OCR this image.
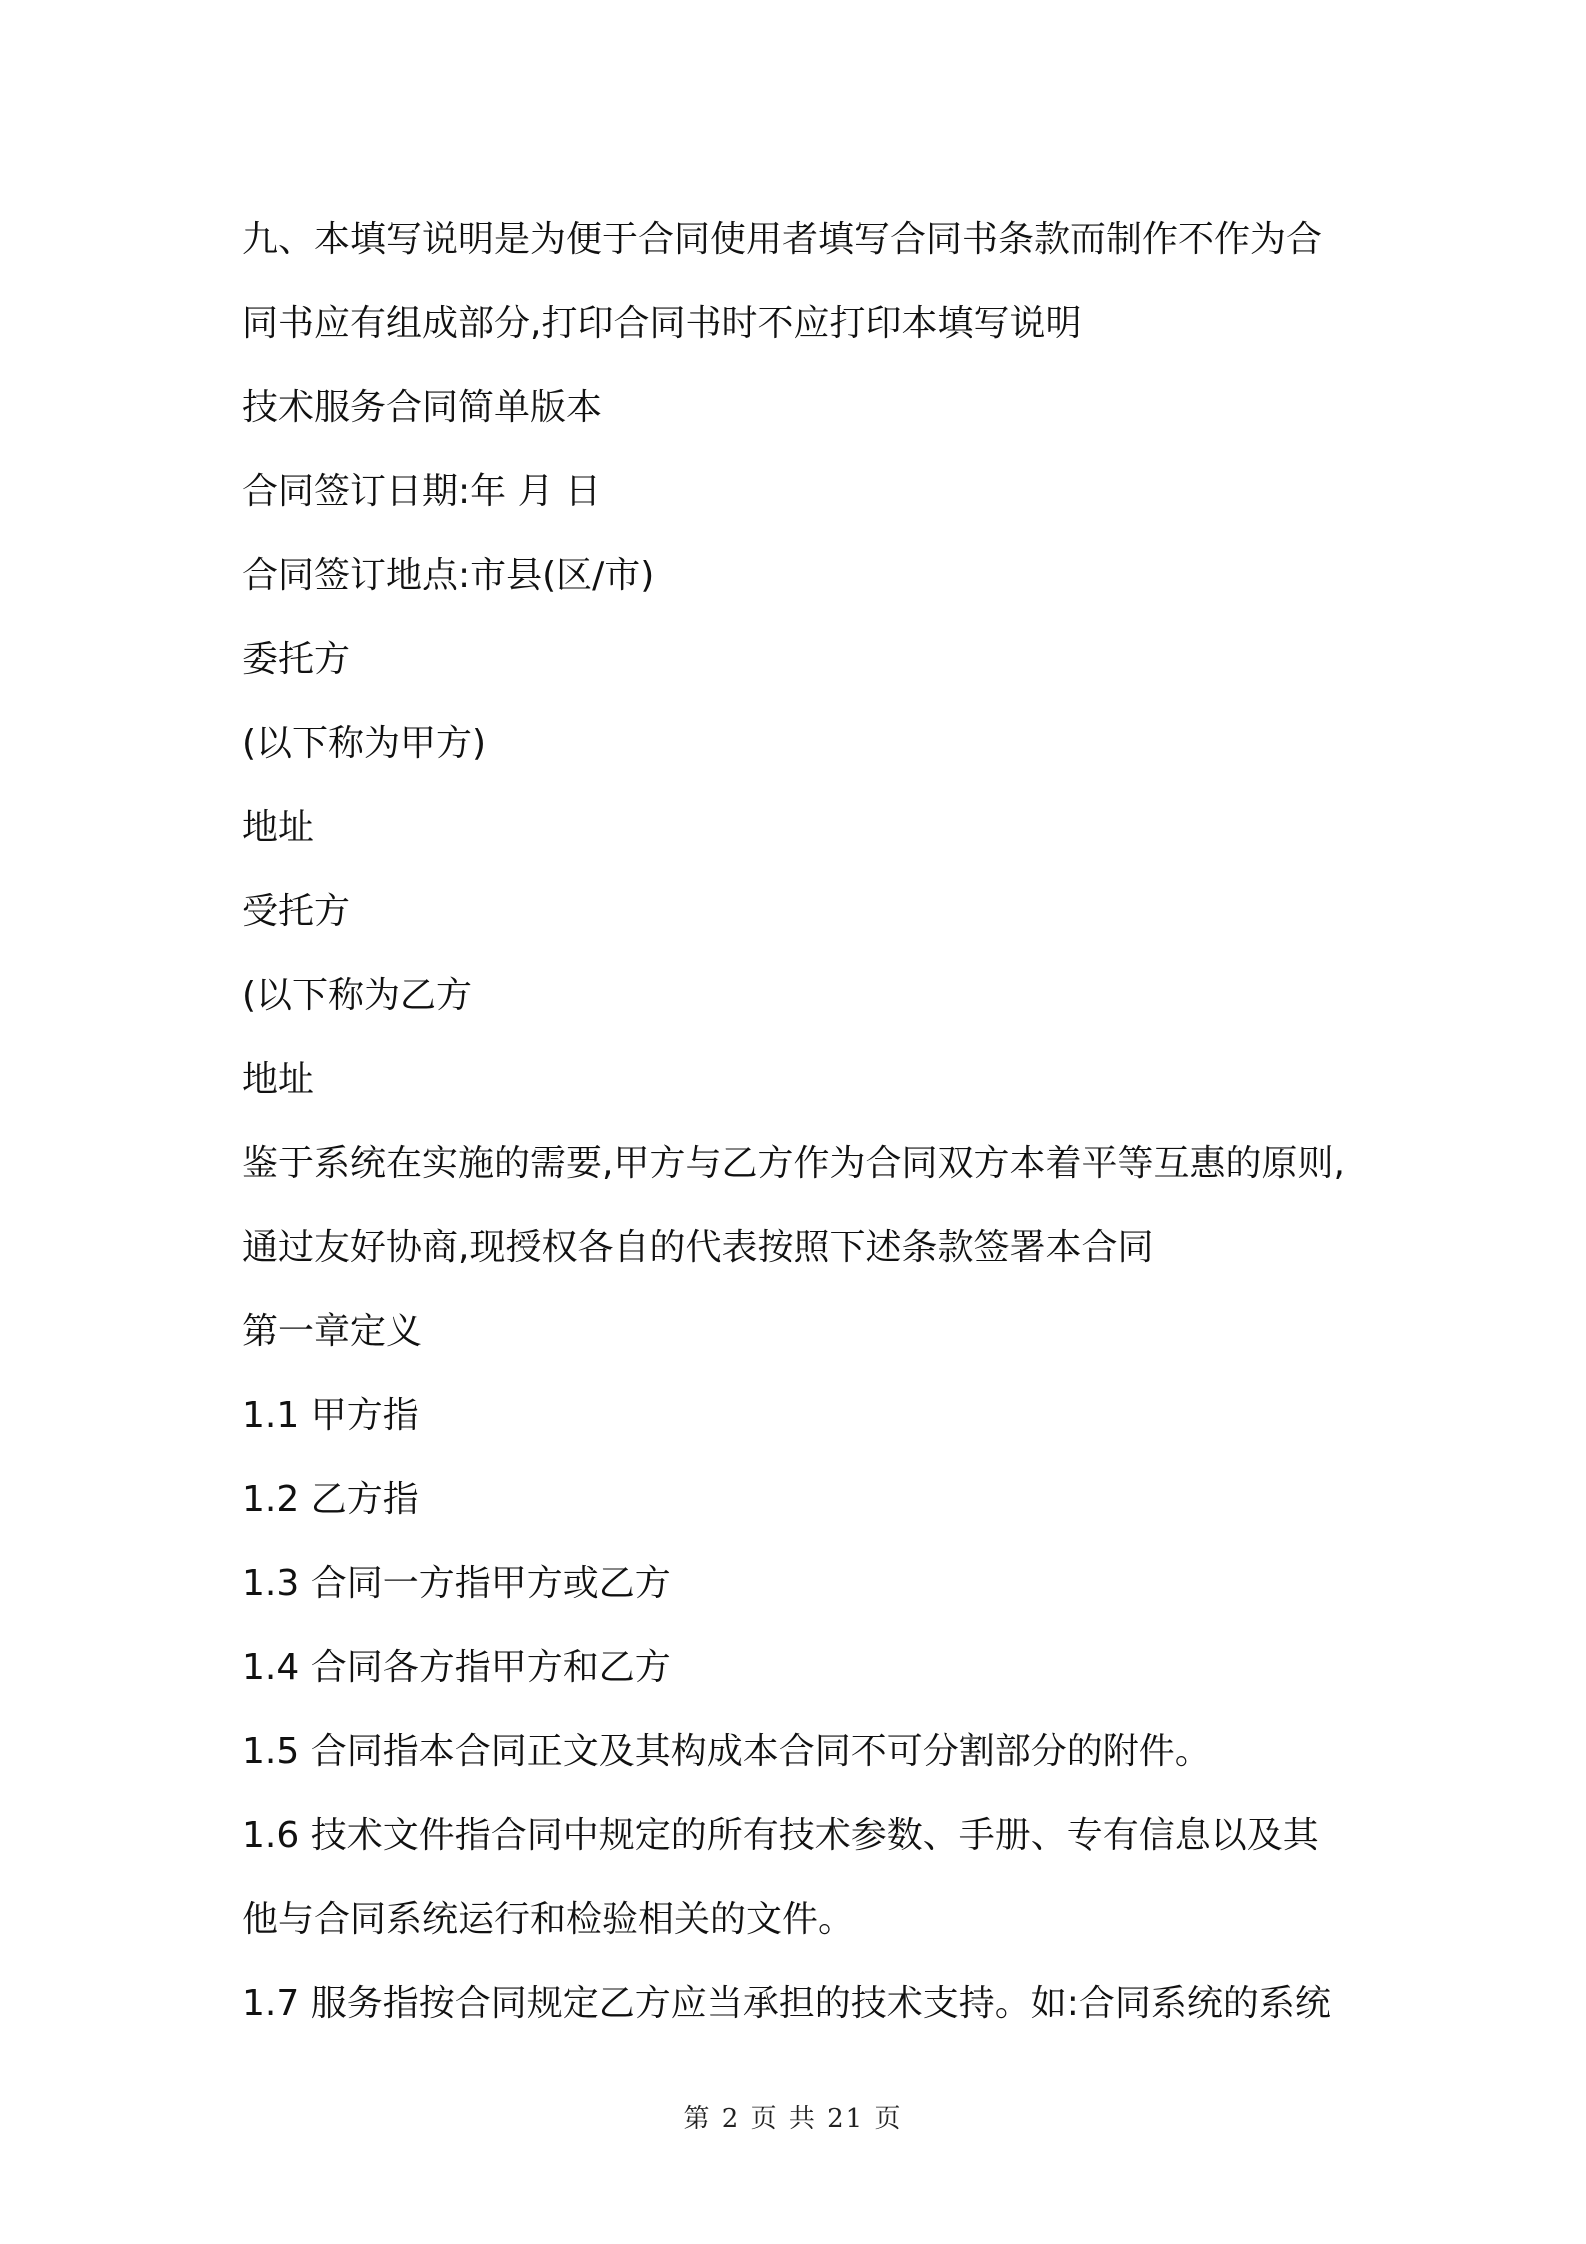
九、本填写说明是为便于合同使用者填写合同书条款而制作不作为合同书应有组成部分,打印合同书时不应打印本填写说明

技术服务合同简单版本

合同签订日期:年 月 日

合同签订地点:市县(区/市)

委托方

(以下称为甲方)

地址

受托方

(以下称为乙方

地址

鉴于系统在实施的需要,甲方与乙方作为合同双方本着平等互惠的原则,通过友好协商,现授权各自的代表按照下述条款签署本合同

第一章定义

1.1 甲方指

1.2 乙方指

1.3 合同一方指甲方或乙方

1.4 合同各方指甲方和乙方

1.5 合同指本合同正文及其构成本合同不可分割部分的附件。

1.6 技术文件指合同中规定的所有技术参数、手册、专有信息以及其他与合同系统运行和检验相关的文件。

1.7 服务指按合同规定乙方应当承担的技术支持。如:合同系统的系统

第 2 页 共 21 页
